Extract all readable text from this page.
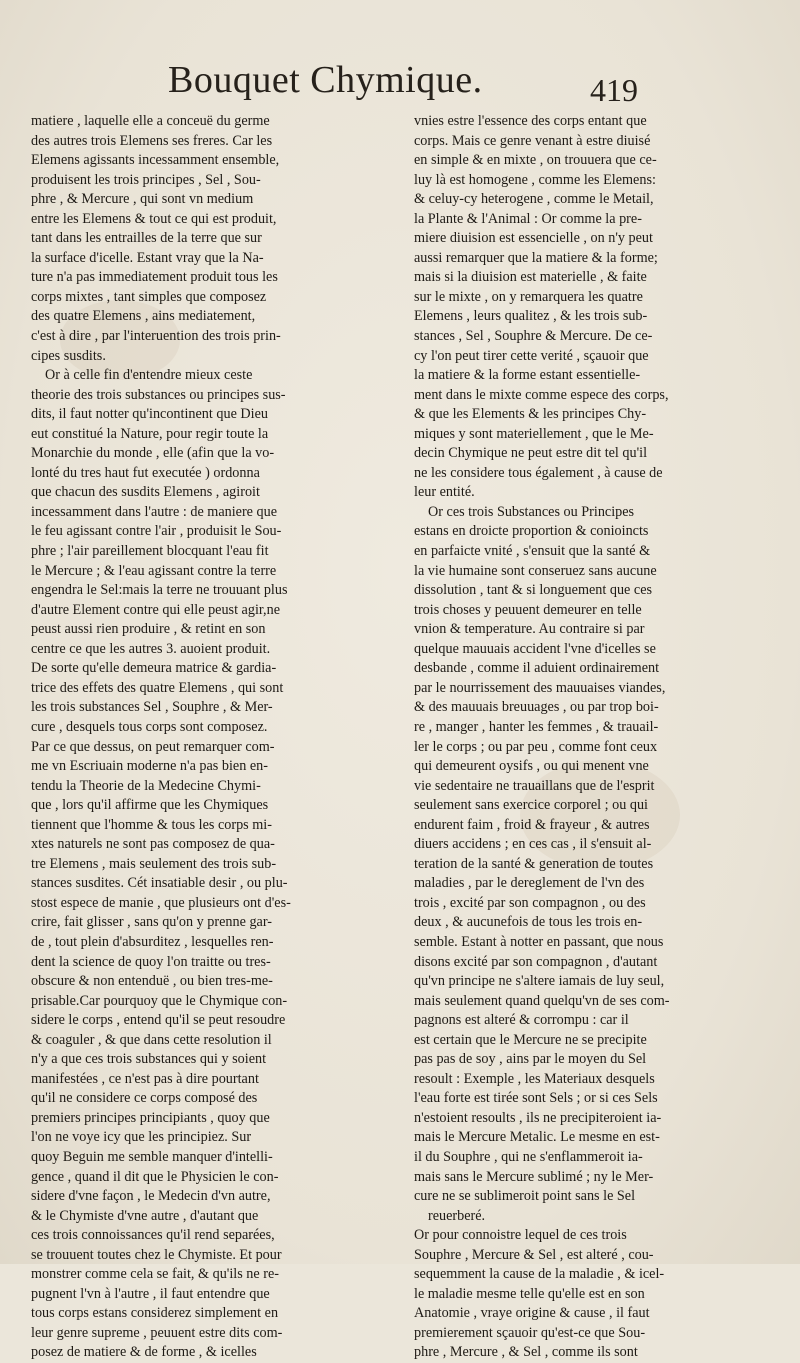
Bouquet Chymique.	419
matiere , laquelle elle a conceuë du germe
des autres trois Elemens ses freres. Car les
Elemens agissants incessamment ensemble,
produisent les trois principes , Sel , Sou-
phre , & Mercure , qui sont vn medium
entre les Elemens & tout ce qui est produit,
tant dans les entrailles de la terre que sur
la surface d'icelle. Estant vray que la Na-
ture n'a pas immediatement produit tous les
corps mixtes , tant simples que composez
des quatre Elemens , ains mediatement,
c'est à dire , par l'interuention des trois prin-
cipes susdits.
Or à celle fin d'entendre mieux ceste
theorie des trois substances ou principes sus-
dits, il faut notter qu'incontinent que Dieu
eut constitué la Nature, pour regir toute la
Monarchie du monde , elle (afin que la vo-
lonté du tres haut fut executée ) ordonna
que chacun des susdits Elemens , agiroit
incessamment dans l'autre : de maniere que
le feu agissant contre l'air , produisit le Sou-
phre ; l'air pareillement blocquant l'eau fit
le Mercure ; & l'eau agissant contre la terre
engendra le Sel:mais la terre ne trouuant plus
d'autre Element contre qui elle peust agir,ne
peust aussi rien produire , & retint en son
centre ce que les autres 3. auoient produit.
De sorte qu'elle demeura matrice & gardia-
trice des effets des quatre Elemens , qui sont
les trois substances Sel , Souphre , & Mer-
cure , desquels tous corps sont composez.
Par ce que dessus, on peut remarquer com-
me vn Escriuain moderne n'a pas bien en-
tendu la Theorie de la Medecine Chymi-
que , lors qu'il affirme que les Chymiques
tiennent que l'homme & tous les corps mi-
xtes naturels ne sont pas composez de qua-
tre Elemens , mais seulement des trois sub-
stances susdites. Cét insatiable desir , ou plu-
stost espece de manie , que plusieurs ont d'es-
crire, fait glisser , sans qu'on y prenne gar-
de , tout plein d'absurditez , lesquelles ren-
dent la science de quoy l'on traitte ou tres-
obscure & non entenduë , ou bien tres-me-
prisable.Car pourquoy que le Chymique con-
sidere le corps , entend qu'il se peut resoudre
& coaguler , & que dans cette resolution il
n'y a que ces trois substances qui y soient
manifestées , ce n'est pas à dire pourtant
qu'il ne considere ce corps composé des
premiers principes principiants , quoy que
l'on ne voye icy que les principiez. Sur
quoy Beguin me semble manquer d'intelli-
gence , quand il dit que le Physicien le con-
sidere d'vne façon , le Medecin d'vn autre,
& le Chymiste d'vne autre , d'autant que
ces trois connoissances qu'il rend separées,
se trouuent toutes chez le Chymiste. Et pour
monstrer comme cela se fait, & qu'ils ne re-
pugnent l'vn à l'autre , il faut entendre que
tous corps estans considerez simplement en
leur genre supreme , peuuent estre dits com-
posez de matiere & de forme , & icelles
vnies estre l'essence des corps entant que
corps. Mais ce genre venant à estre diuisé
en simple & en mixte , on trouuera que ce-
luy là est homogene , comme les Elemens:
& celuy-cy heterogene , comme le Metail,
la Plante & l'Animal : Or comme la pre-
miere diuision est essencielle , on n'y peut
aussi remarquer que la matiere & la forme;
mais si la diuision est materielle , & faite
sur le mixte , on y remarquera les quatre
Elemens , leurs qualitez , & les trois sub-
stances , Sel , Souphre & Mercure. De ce-
cy l'on peut tirer cette verité , sçauoir que
la matiere & la forme estant essentielle-
ment dans le mixte comme espece des corps,
& que les Elements & les principes Chy-
miques y sont materiellement , que le Me-
decin Chymique ne peut estre dit tel qu'il
ne les considere tous également , à cause de
leur entité.
Or ces trois Substances ou Principes
estans en droicte proportion & conioincts
en parfaicte vnité , s'ensuit que la santé &
la vie humaine sont conseruez sans aucune
dissolution , tant & si longuement que ces
trois choses y peuuent demeurer en telle
vnion & temperature. Au contraire si par
quelque mauuais accident l'vne d'icelles se
desbande , comme il aduient ordinairement
par le nourrissement des mauuaises viandes,
& des mauuais breuuages , ou par trop boi-
re , manger , hanter les femmes , & trauail-
ler le corps ; ou par peu , comme font ceux
qui demeurent oysifs , ou qui menent vne
vie sedentaire ne trauaillans que de l'esprit
seulement sans exercice corporel ; ou qui
endurent faim , froid & frayeur , & autres
diuers accidens ; en ces cas , il s'ensuit al-
teration de la santé & generation de toutes
maladies , par le dereglement de l'vn des
trois , excité par son compagnon , ou des
deux , & aucunefois de tous les trois en-
semble. Estant à notter en passant, que nous
disons excité par son compagnon , d'autant
qu'vn principe ne s'altere iamais de luy seul,
mais seulement quand quelqu'vn de ses com-
pagnons est alteré & corrompu : car il
est certain que le Mercure ne se precipite
pas pas de soy , ains par le moyen du Sel
resoult : Exemple , les Materiaux desquels
l'eau forte est tirée sont Sels ; or si ces Sels
n'estoient resoults , ils ne precipiteroient ia-
mais le Mercure Metalic. Le mesme en est-
il du Souphre , qui ne s'enflammeroit ia-
mais sans le Mercure sublimé ; ny le Mer-
cure ne se sublimeroit point sans le Sel
reuerberé.
Or pour connoistre lequel de ces trois
Souphre , Mercure & Sel , est alteré , cou-
sequemment la cause de la maladie , & icel-
le maladie mesme telle qu'elle est en son
Anatomie , vraye origine & cause , il faut
premierement sçauoir qu'est-ce que Sou-
phre , Mercure , & Sel , comme ils sont
